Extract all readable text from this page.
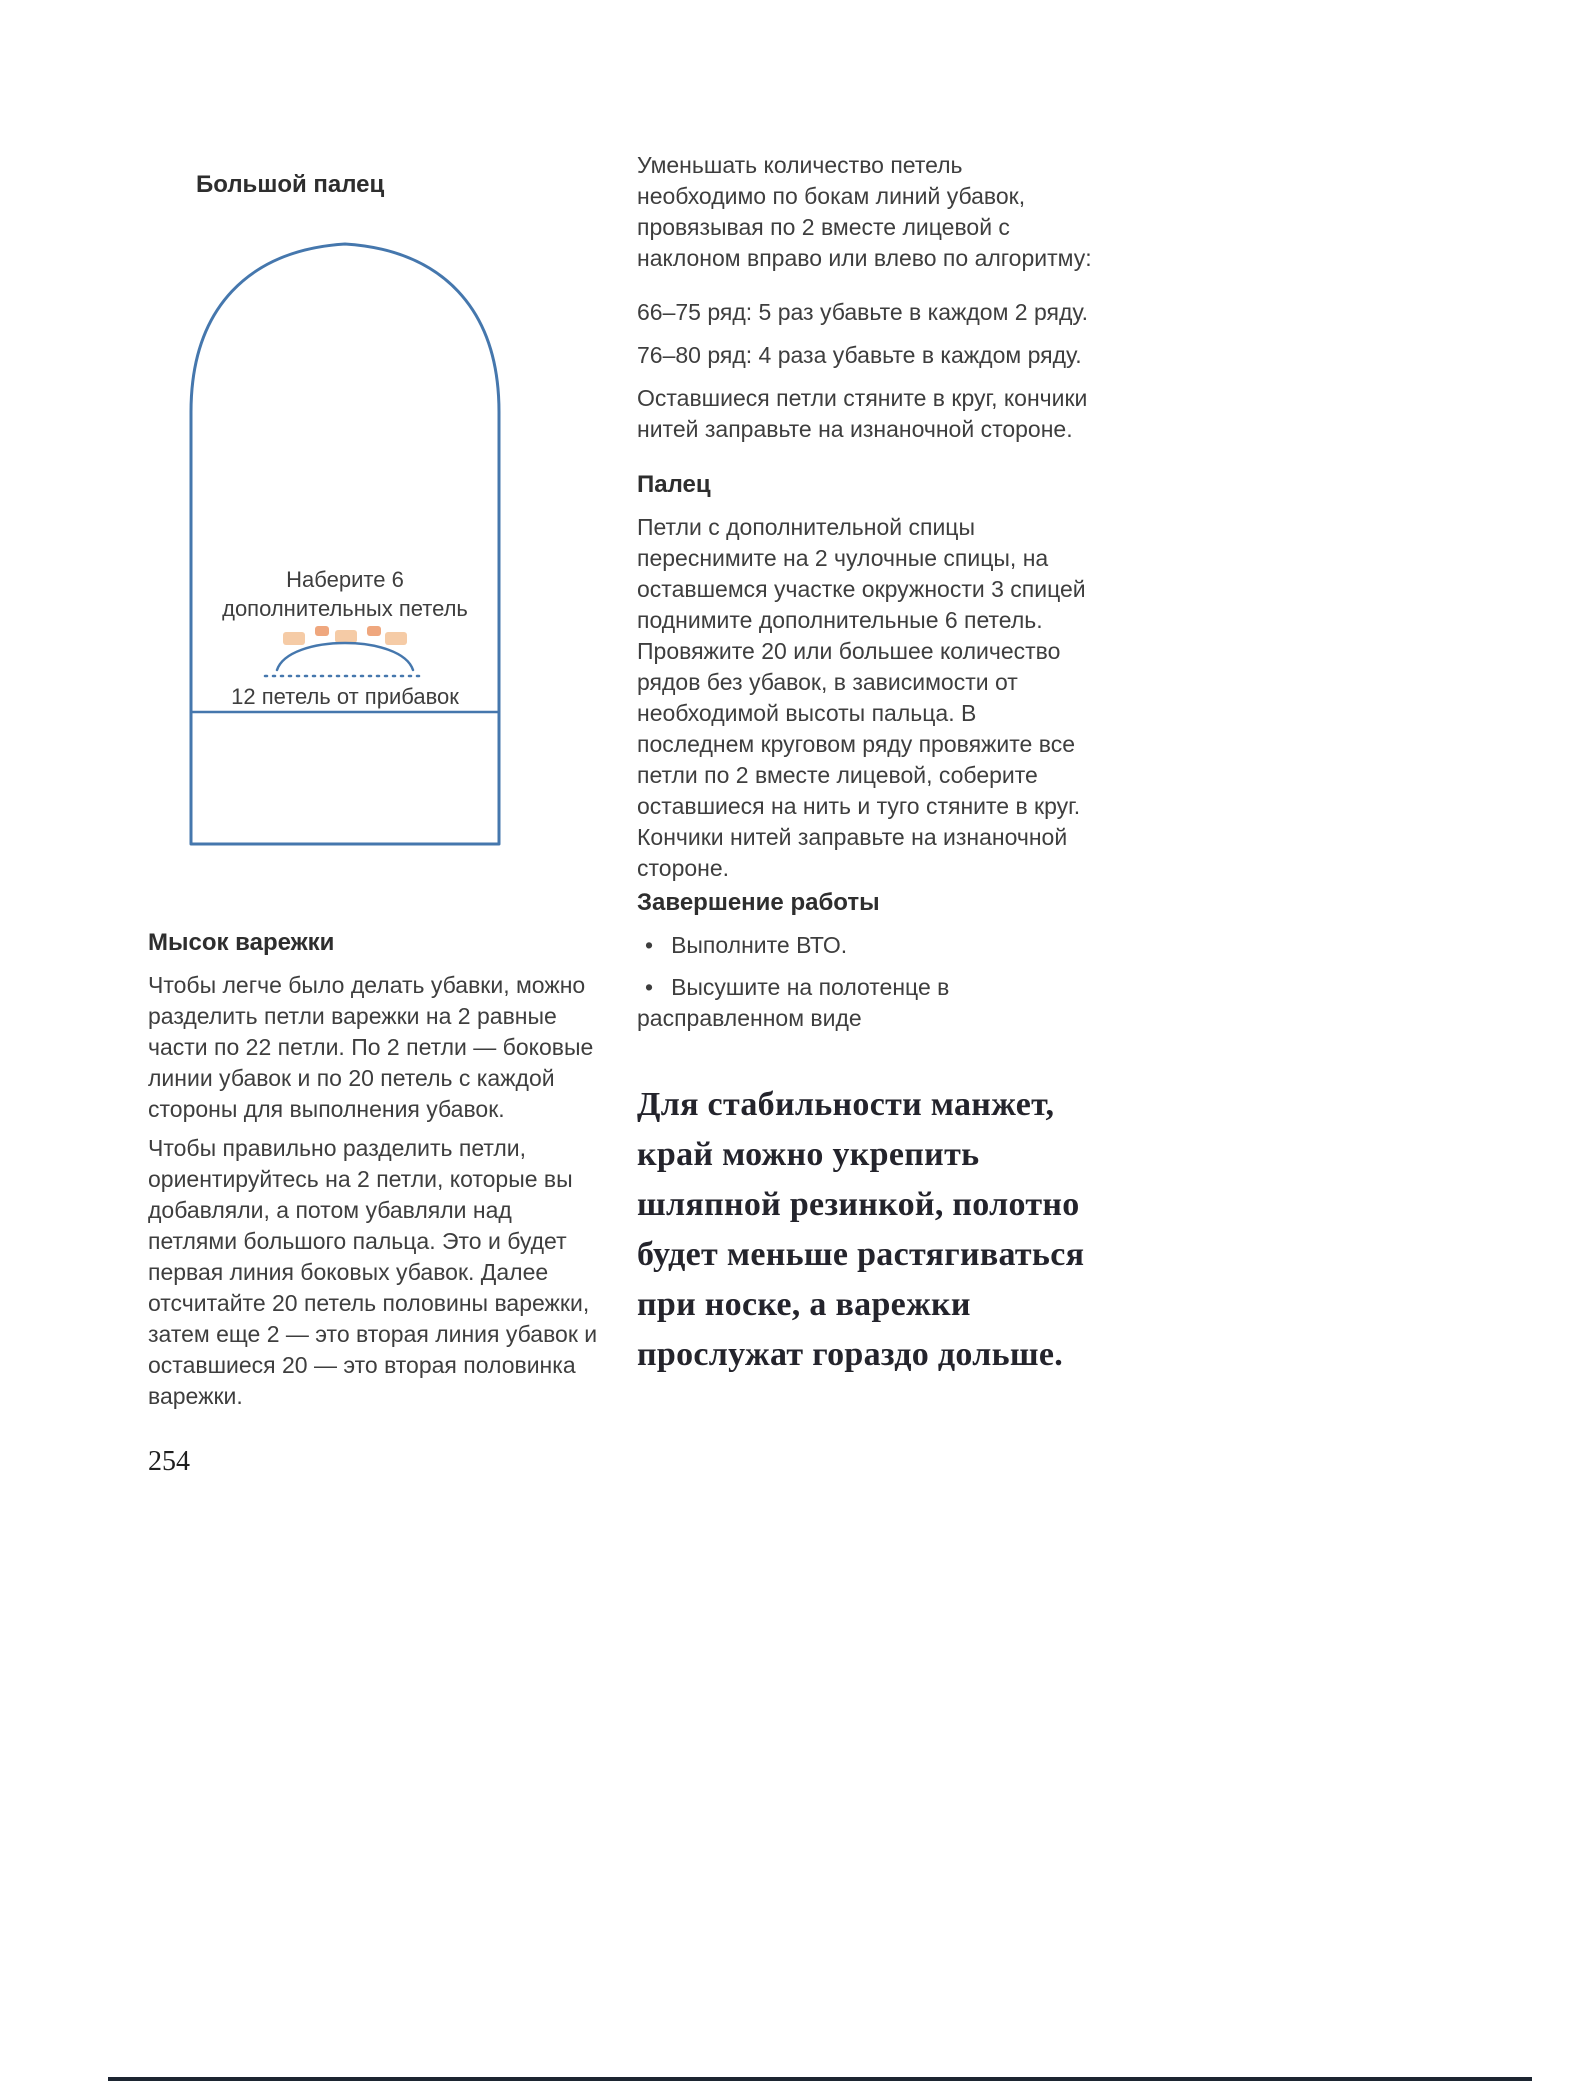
Большой палец
Наберите 6
дополнительных петель
12 петель от прибавок
Мысок варежки

Чтобы легче было делать убавки, можно разделить петли варежки на 2 равные части по 22 петли. По 2 петли — боковые линии убавок и по 20 петель с каждой стороны для выполнения убавок.

Чтобы правильно разделить петли, ориентируйтесь на 2 петли, которые вы добавляли, а потом убавляли над петлями большого пальца. Это и будет первая линия боковых убавок. Далее отсчитайте 20 петель половины варежки, затем еще 2 — это вторая линия убавок и оставшиеся 20 — это вторая половинка варежки.

Уменьшать количество петель необходимо по бокам линий убавок, провязывая по 2 вместе лицевой с наклоном вправо или влево по алгоритму:

66–75 ряд: 5 раз убавьте в каждом 2 ряду.

76–80 ряд: 4 раза убавьте в каждом ряду.

Оставшиеся петли стяните в круг, кончики нитей заправьте на изнаночной стороне.

Палец

Петли с дополнительной спицы переснимите на 2 чулочные спицы, на оставшемся участке окружности 3 спицей поднимите дополнительные 6 петель. Провяжите 20 или большее количество рядов без убавок, в зависимости от необходимой высоты пальца. В последнем круговом ряду провяжите все петли по 2 вместе лицевой, соберите оставшиеся на нить и туго стяните в круг. Кончики нитей заправьте на изнаночной стороне.

Завершение работы
• Выполните ВТО.
• Высушите на полотенце в расправленном виде
Для стабильности манжет,
край можно укрепить
шляпной резинкой, полотно
будет меньше растягиваться
при носке, а варежки
прослужат гораздо дольше.
254
